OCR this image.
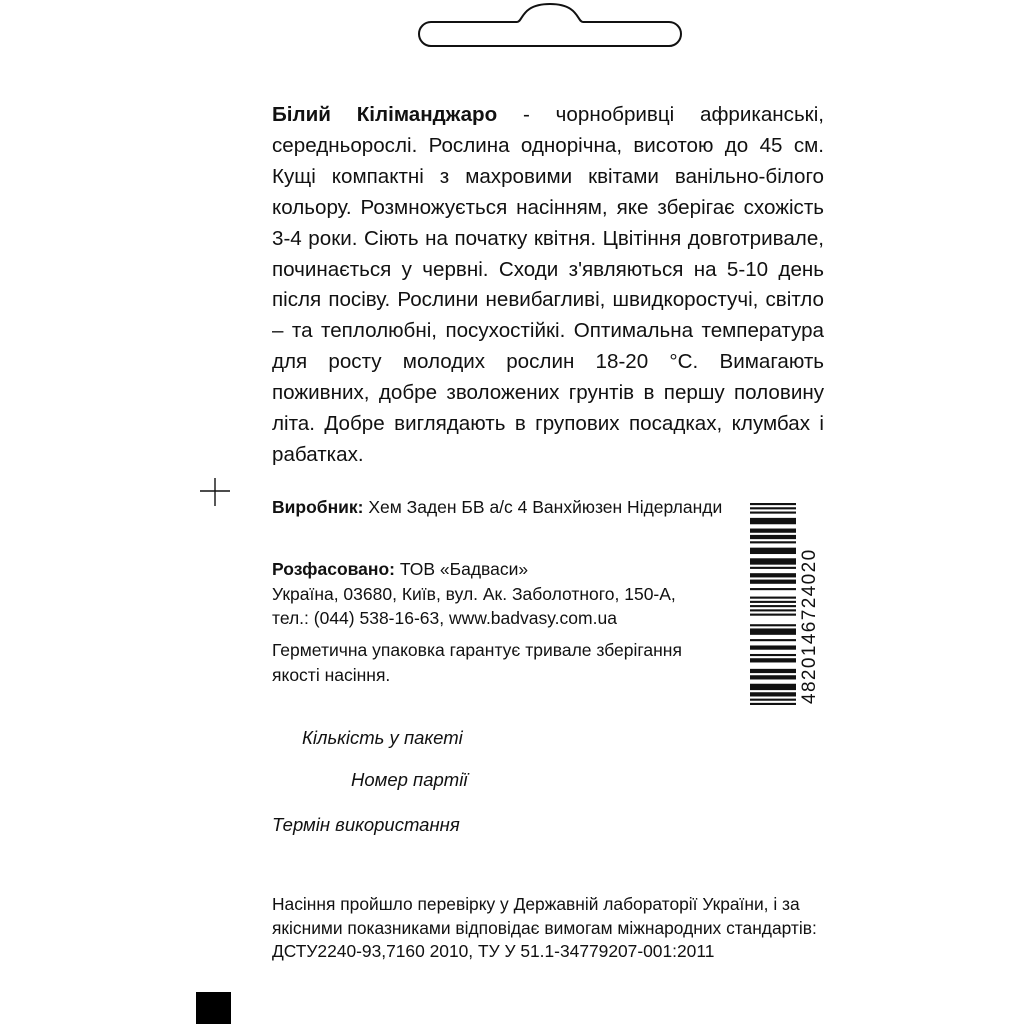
Білий Кіліманджаро - чорнобривці африканські, середньорослі. Рослина однорічна, висотою до 45 см. Кущі компактні з махровими квітами ванільно-білого кольору. Розмножується насінням, яке зберігає схожість 3-4 роки. Сіють на початку квітня. Цвітіння довготривале, починається у червні. Сходи з'являються на 5-10 день після посіву. Рослини невибагливі, швидкоростучі, світло – та теплолюбні, посухостійкі. Оптимальна температура для росту молодих рослин 18-20 °С. Вимагають поживних, добре зволожених грунтів в першу половину літа. Добре виглядають в групових посадках, клумбах і рабатках.
Виробник: Хем Заден БВ а/с 4 Ванхйюзен Нідерланди
Розфасовано: ТОВ «Бадваси»
Україна, 03680, Київ, вул. Ак. Заболотного, 150-А,
тел.: (044) 538-16-63, www.badvasy.com.ua
Герметична упаковка гарантує тривале зберігання якості насіння.
Кількість у пакеті
Номер партії
Термін використання
Насіння пройшло перевірку у Державній лабораторії України, і за
якісними показниками відповідає вимогам міжнародних стандартів:
ДСТУ2240-93,7160 2010, ТУ У 51.1-34779207-001:2011
4820146724020
